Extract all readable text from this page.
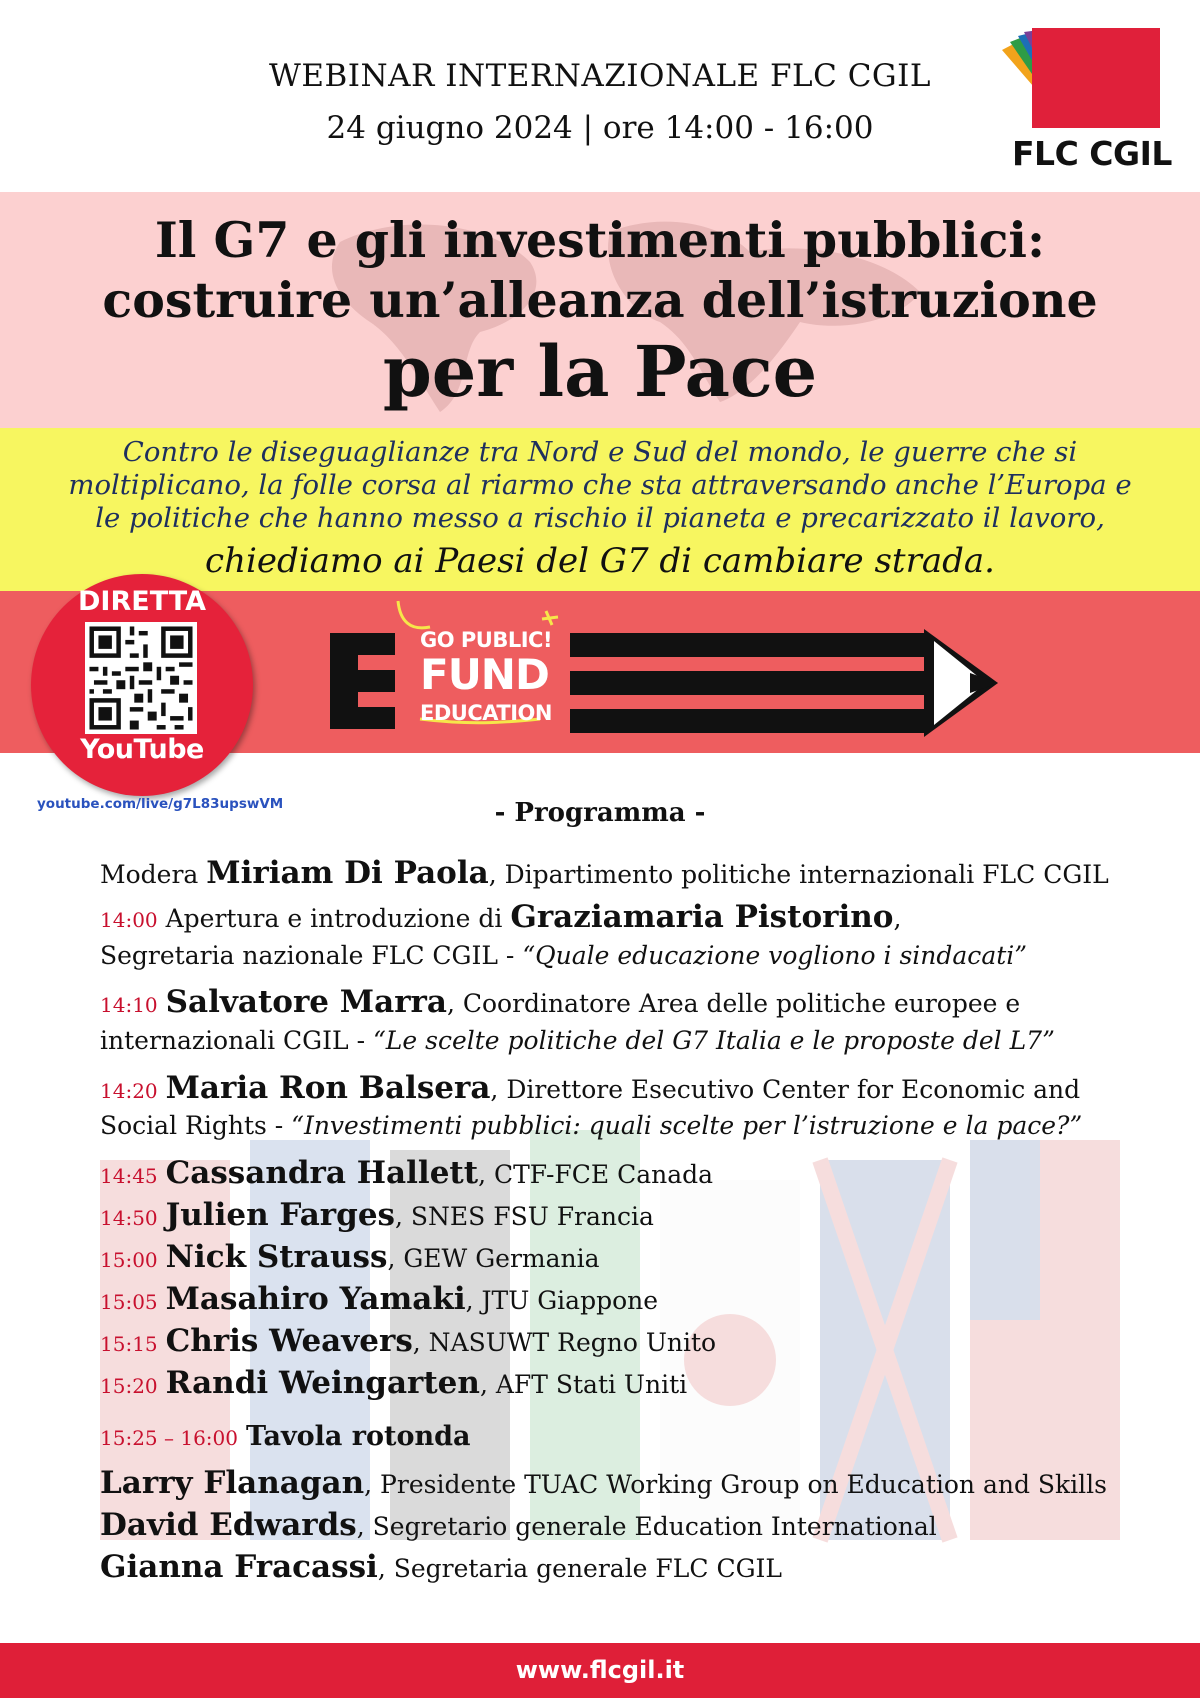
WEBINAR INTERNAZIONALE FLC CGIL
24 giugno 2024 | ore 14:00 - 16:00
FLC CGIL
Il G7 e gli investimenti pubblici:
costruire un’alleanza dell’istruzione
per la Pace
Contro le diseguaglianze tra Nord e Sud del mondo, le guerre che si
moltiplicano, la folle corsa al riarmo che sta attraversando anche l’Europa e
le politiche che hanno messo a rischio il pianeta e precarizzato il lavoro,
chiediamo ai Paesi del G7 di cambiare strada.
GO PUBLIC!
FUND
EDUCATION
DIRETTA
YouTube
youtube.com/live/g7L83upswVM	- Programma -
Modera Miriam Di Paola, Dipartimento politiche internazionali FLC CGIL
14:00 Apertura e introduzione di Graziamaria Pistorino,
Segretaria nazionale FLC CGIL - “Quale educazione vogliono i sindacati”
14:10 Salvatore Marra, Coordinatore Area delle politiche europee e
internazionali CGIL - “Le scelte politiche del G7 Italia e le proposte del L7”
14:20 Maria Ron Balsera, Direttore Esecutivo Center for Economic and
Social Rights - “Investimenti pubblici: quali scelte per l’istruzione e la pace?”
14:45 Cassandra Hallett, CTF-FCE Canada
14:50 Julien Farges, SNES FSU Francia
15:00 Nick Strauss, GEW Germania
15:05 Masahiro Yamaki, JTU Giappone
15:15 Chris Weavers, NASUWT Regno Unito
15:20 Randi Weingarten, AFT Stati Uniti
15:25 – 16:00 Tavola rotonda
Larry Flanagan, Presidente TUAC Working Group on Education and Skills
David Edwards, Segretario generale Education International
Gianna Fracassi, Segretaria generale FLC CGIL
www.flcgil.it
